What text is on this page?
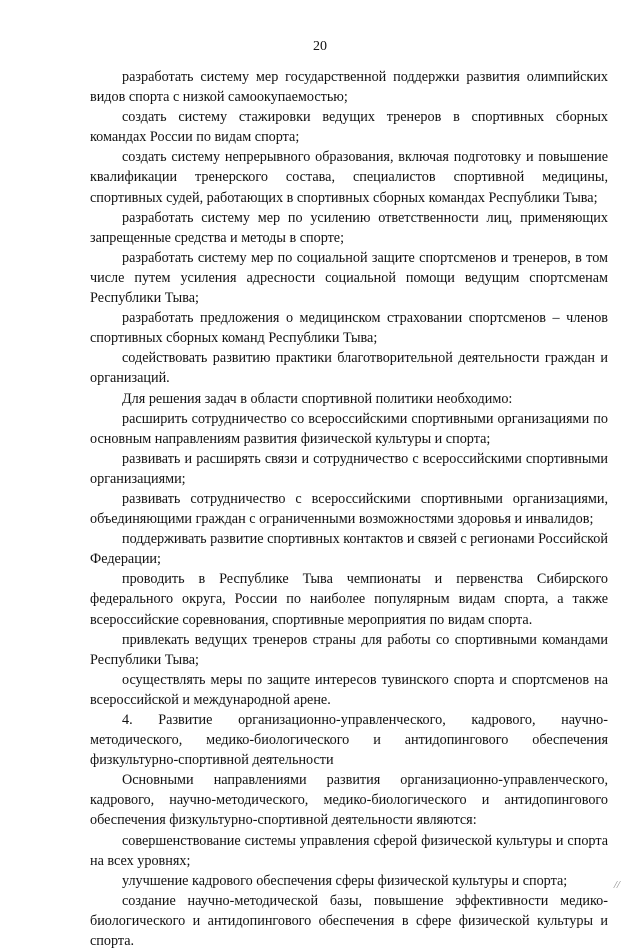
20

разработать систему мер государственной поддержки развития олимпийских видов спорта с низкой самоокупаемостью;

создать систему стажировки ведущих тренеров в спортивных сборных командах России по видам спорта;

создать систему непрерывного образования, включая подготовку и повышение квалификации тренерского состава, специалистов спортивной медицины, спортивных судей, работающих в спортивных сборных командах Республики Тыва;

разработать систему мер по усилению ответственности лиц, применяющих запрещенные средства и методы в спорте;

разработать систему мер по социальной защите спортсменов и тренеров, в том числе путем усиления адресности социальной помощи ведущим спортсменам Республики Тыва;

разработать предложения о медицинском страховании спортсменов – членов спортивных сборных команд Республики Тыва;

содействовать развитию практики благотворительной деятельности граждан и организаций.

Для решения задач в области спортивной политики необходимо:

расширить сотрудничество со всероссийскими спортивными организациями по основным направлениям развития физической культуры и спорта;

развивать и расширять связи и сотрудничество с всероссийскими спортивными организациями;

развивать сотрудничество с всероссийскими спортивными организациями, объединяющими граждан с ограниченными возможностями здоровья и инвалидов;

поддерживать развитие спортивных контактов и связей с регионами Российской Федерации;

проводить в Республике Тыва чемпионаты и первенства Сибирского федерального округа, России по наиболее популярным видам спорта, а также всероссийские соревнования, спортивные мероприятия по видам спорта.

привлекать ведущих тренеров страны для работы со спортивными командами Республики Тыва;

осуществлять меры по защите интересов тувинского спорта и спортсменов на всероссийской и международной арене.

4. Развитие организационно-управленческого, кадрового, научно-методического, медико-биологического и антидопингового обеспечения физкультурно-спортивной деятельности

Основными направлениями развития организационно-управленческого, кадрового, научно-методического, медико-биологического и антидопингового обеспечения физкультурно-спортивной деятельности являются:

совершенствование системы управления сферой физической культуры и спорта на всех уровнях;

улучшение кадрового обеспечения сферы физической культуры и спорта;

создание научно-методической базы, повышение эффективности медико-биологического и антидопингового обеспечения в сфере физической культуры и спорта.

//
